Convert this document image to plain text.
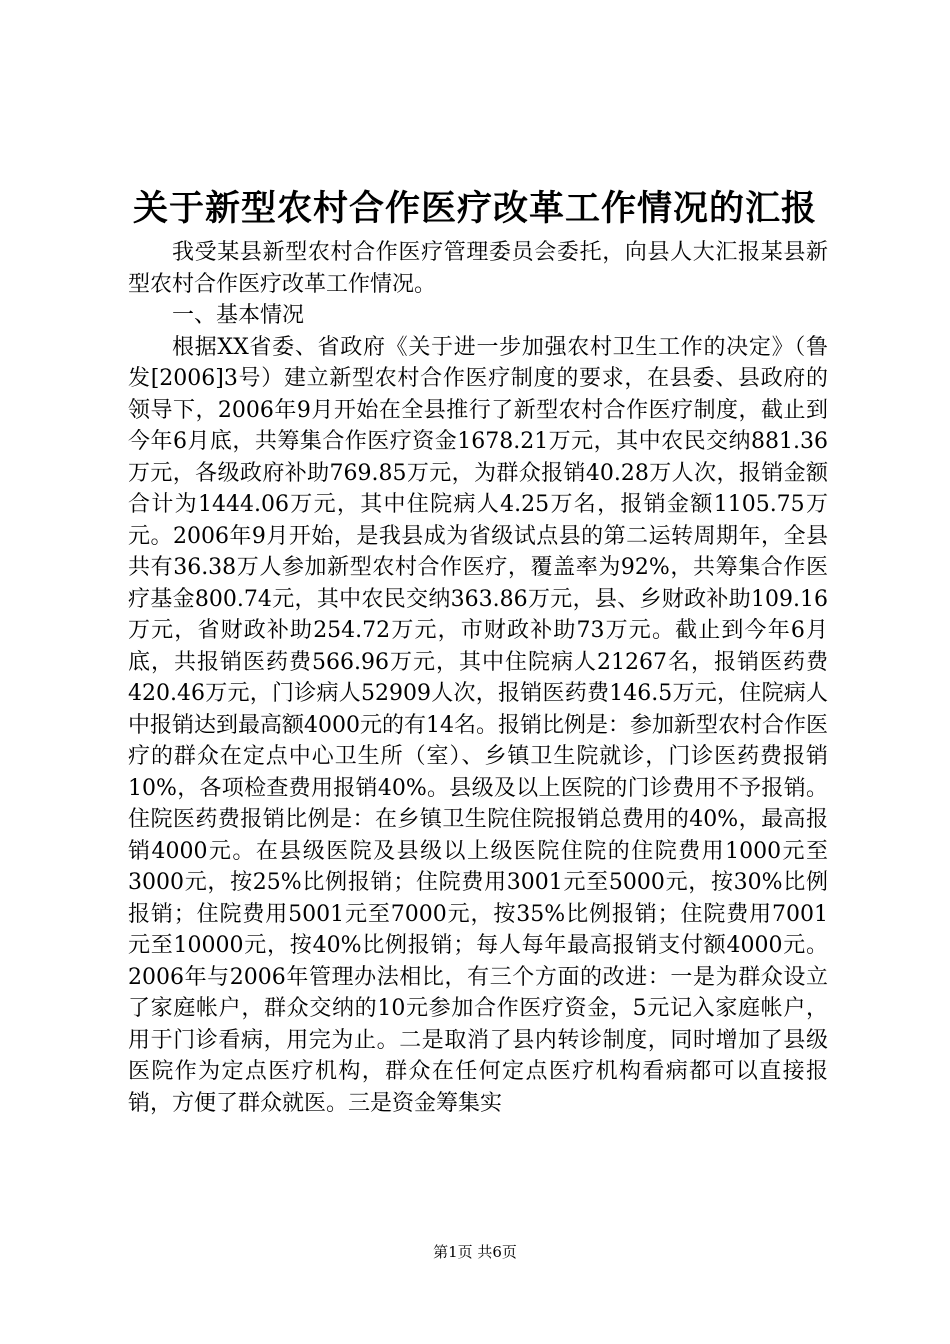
关于新型农村合作医疗改革工作情况的汇报

我受某县新型农村合作医疗管理委员会委托，向县人大汇报某县新型农村合作医疗改革工作情况。

一、基本情况

根据XX省委、省政府《关于进一步加强农村卫生工作的决定》（鲁发[2006]3号）建立新型农村合作医疗制度的要求，在县委、县政府的领导下，2006年9月开始在全县推行了新型农村合作医疗制度，截止到今年6月底，共筹集合作医疗资金1678.21万元，其中农民交纳881.36万元，各级政府补助769.85万元，为群众报销40.28万人次，报销金额合计为1444.06万元，其中住院病人4.25万名，报销金额1105.75万元。2006年9月开始，是我县成为省级试点县的第二运转周期年，全县共有36.38万人参加新型农村合作医疗，覆盖率为92%，共筹集合作医疗基金800.74元，其中农民交纳363.86万元，县、乡财政补助109.16万元，省财政补助254.72万元，市财政补助73万元。截止到今年6月底，共报销医药费566.96万元，其中住院病人21267名，报销医药费420.46万元，门诊病人52909人次，报销医药费146.5万元，住院病人中报销达到最高额4000元的有14名。报销比例是：参加新型农村合作医疗的群众在定点中心卫生所（室）、乡镇卫生院就诊，门诊医药费报销10%，各项检查费用报销40%。县级及以上医院的门诊费用不予报销。住院医药费报销比例是：在乡镇卫生院住院报销总费用的40%，最高报销4000元。在县级医院及县级以上级医院住院的住院费用1000元至3000元，按25%比例报销；住院费用3001元至5000元，按30%比例报销；住院费用5001元至7000元，按35%比例报销；住院费用7001元至10000元，按40%比例报销；每人每年最高报销支付额4000元。2006年与2006年管理办法相比，有三个方面的改进：一是为群众设立了家庭帐户，群众交纳的10元参加合作医疗资金，5元记入家庭帐户，用于门诊看病，用完为止。二是取消了县内转诊制度，同时增加了县级医院作为定点医疗机构，群众在任何定点医疗机构看病都可以直接报销，方便了群众就医。三是资金筹集实

第1页 共6页
